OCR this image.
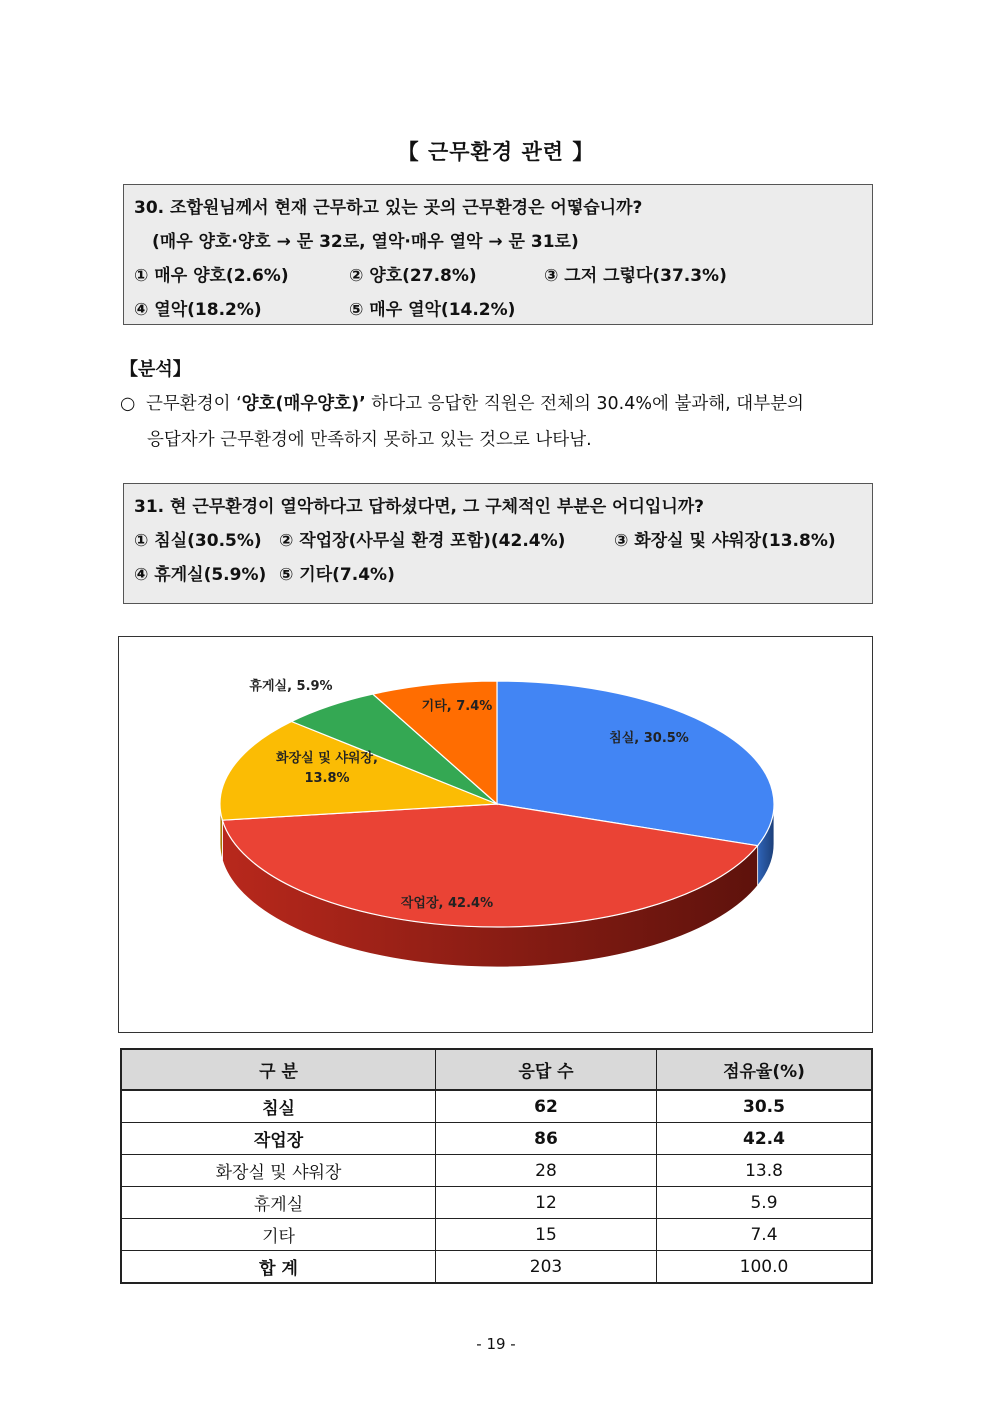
【 근무환경 관련 】
30. 조합원님께서 현재 근무하고 있는 곳의 근무환경은 어떻습니까?
(매우 양호·양호 → 문 32로, 열악·매우 열악 → 문 31로)
① 매우 양호(2.6%)	② 양호(27.8%)	③ 그저 그렇다(37.3%)
④ 열악(18.2%)	⑤ 매우 열악(14.2%)
【분석】
○ 근무환경이 ‘양호(매우양호)’ 하다고 응답한 직원은 전체의 30.4%에 불과해, 대부분의
응답자가 근무환경에 만족하지 못하고 있는 것으로 나타남.
31. 현 근무환경이 열악하다고 답하셨다면, 그 구체적인 부분은 어디입니까?
① 침실(30.5%) ② 작업장(사무실 환경 포함)(42.4%)	③ 화장실 및 샤워장(13.8%)
④ 휴게실(5.9%) ⑤ 기타(7.4%)
침실, 30.5%
작업장, 42.4%
화장실 및 샤워장, 13.8%
휴게실, 5.9%
기타, 7.4%
구 분	응답 수	점유율(%)
침실	62	30.5
작업장	86	42.4
화장실 및 샤워장	28	13.8
휴게실	12	5.9
기타	15	7.4
합 계	203	100.0
- 19 -
